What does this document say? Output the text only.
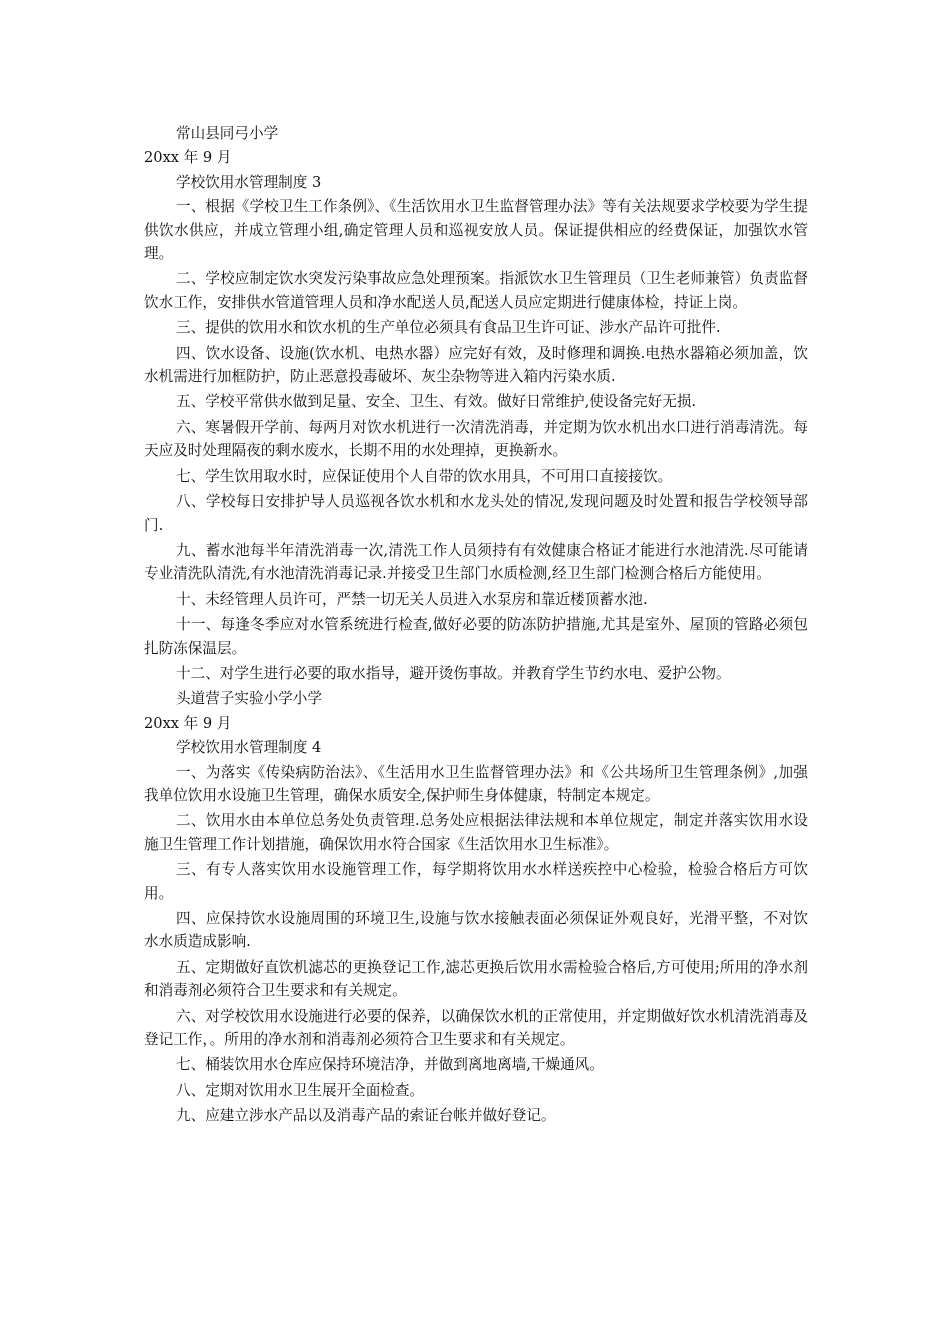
常山县同弓小学

20xx 年 9 月

学校饮用水管理制度 3

一、根据《学校卫生工作条例》、《生活饮用水卫生监督管理办法》等有关法规要求学校要为学生提供饮水供应，并成立管理小组,确定管理人员和巡视安放人员。保证提供相应的经费保证，加强饮水管理。

二、学校应制定饮水突发污染事故应急处理预案。指派饮水卫生管理员（卫生老师兼管）负责监督饮水工作，安排供水管道管理人员和净水配送人员,配送人员应定期进行健康体检，持证上岗。

三、提供的饮用水和饮水机的生产单位必须具有食品卫生许可证、涉水产品许可批件.

四、饮水设备、设施(饮水机、电热水器）应完好有效，及时修理和调换.电热水器箱必须加盖，饮水机需进行加框防护，防止恶意投毒破坏、灰尘杂物等进入箱内污染水质.

五、学校平常供水做到足量、安全、卫生、有效。做好日常维护,使设备完好无损.

六、寒暑假开学前、每两月对饮水机进行一次清洗消毒，并定期为饮水机出水口进行消毒清洗。每天应及时处理隔夜的剩水废水，长期不用的水处理掉，更换新水。

七、学生饮用取水时，应保证使用个人自带的饮水用具，不可用口直接接饮。

八、学校每日安排护导人员巡视各饮水机和水龙头处的情况,发现问题及时处置和报告学校领导部门.

九、蓄水池每半年清洗消毒一次,清洗工作人员须持有有效健康合格证才能进行水池清洗.尽可能请专业清洗队清洗,有水池清洗消毒记录.并接受卫生部门水质检测,经卫生部门检测合格后方能使用。

十、未经管理人员许可，严禁一切无关人员进入水泵房和靠近楼顶蓄水池.

十一、每逢冬季应对水管系统进行检查,做好必要的防冻防护措施,尤其是室外、屋顶的管路必须包扎防冻保温层。

十二、对学生进行必要的取水指导，避开烫伤事故。并教育学生节约水电、爱护公物。

头道营子实验小学小学

20xx 年 9 月

学校饮用水管理制度 4

一、为落实《传染病防治法》、《生活用水卫生监督管理办法》和《公共场所卫生管理条例》,加强我单位饮用水设施卫生管理，确保水质安全,保护师生身体健康，特制定本规定。

二、饮用水由本单位总务处负责管理.总务处应根据法律法规和本单位规定，制定并落实饮用水设施卫生管理工作计划措施，确保饮用水符合国家《生活饮用水卫生标准》。

三、有专人落实饮用水设施管理工作，每学期将饮用水水样送疾控中心检验，检验合格后方可饮用。

四、应保持饮水设施周围的环境卫生,设施与饮水接触表面必须保证外观良好，光滑平整，不对饮水水质造成影响.

五、定期做好直饮机滤芯的更换登记工作,滤芯更换后饮用水需检验合格后,方可使用;所用的净水剂和消毒剂必须符合卫生要求和有关规定。

六、对学校饮用水设施进行必要的保养，以确保饮水机的正常使用，并定期做好饮水机清洗消毒及登记工作，。所用的净水剂和消毒剂必须符合卫生要求和有关规定。

七、桶装饮用水仓库应保持环境洁净，并做到离地离墙,干燥通风。

八、定期对饮用水卫生展开全面检查。

九、应建立涉水产品以及消毒产品的索证台帐并做好登记。
